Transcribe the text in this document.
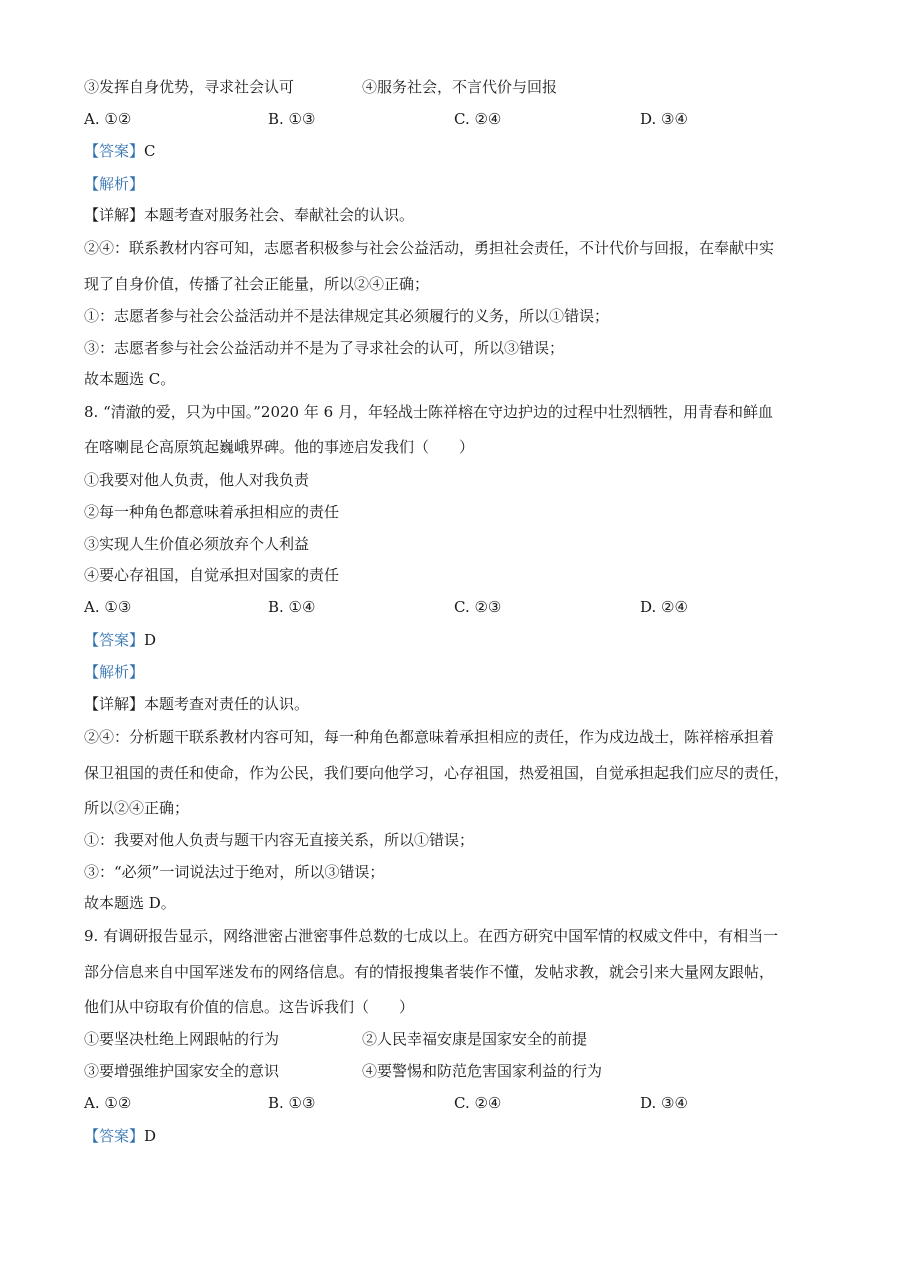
③发挥自身优势，寻求社会认可	④服务社会，不言代价与回报
A. ①②	B. ①③	C. ②④	D. ③④
【答案】C
【解析】
【详解】本题考查对服务社会、奉献社会的认识。
②④：联系教材内容可知，志愿者积极参与社会公益活动，勇担社会责任，不计代价与回报，在奉献中实
现了自身价值，传播了社会正能量，所以②④正确；
①：志愿者参与社会公益活动并不是法律规定其必须履行的义务，所以①错误；
③：志愿者参与社会公益活动并不是为了寻求社会的认可，所以③错误；
故本题选 C。
8. “清澈的爱，只为中国。”2020 年 6 月，年轻战士陈祥榕在守边护边的过程中壮烈牺牲，用青春和鲜血
在喀喇昆仑高原筑起巍峨界碑。他的事迹启发我们（　　）
①我要对他人负责，他人对我负责
②每一种角色都意味着承担相应的责任
③实现人生价值必须放弃个人利益
④要心存祖国，自觉承担对国家的责任
A. ①③	B. ①④	C. ②③	D. ②④
【答案】D
【解析】
【详解】本题考查对责任的认识。
②④：分析题干联系教材内容可知，每一种角色都意味着承担相应的责任，作为戍边战士，陈祥榕承担着
保卫祖国的责任和使命，作为公民，我们要向他学习，心存祖国，热爱祖国，自觉承担起我们应尽的责任，
所以②④正确；
①：我要对他人负责与题干内容无直接关系，所以①错误；
③：“必须”一词说法过于绝对，所以③错误；
故本题选 D。
9. 有调研报告显示，网络泄密占泄密事件总数的七成以上。在西方研究中国军情的权威文件中，有相当一
部分信息来自中国军迷发布的网络信息。有的情报搜集者装作不懂，发帖求教，就会引来大量网友跟帖，
他们从中窃取有价值的信息。这告诉我们（　　）
①要坚决杜绝上网跟帖的行为	②人民幸福安康是国家安全的前提
③要增强维护国家安全的意识	④要警惕和防范危害国家利益的行为
A. ①②	B. ①③	C. ②④	D. ③④
【答案】D
